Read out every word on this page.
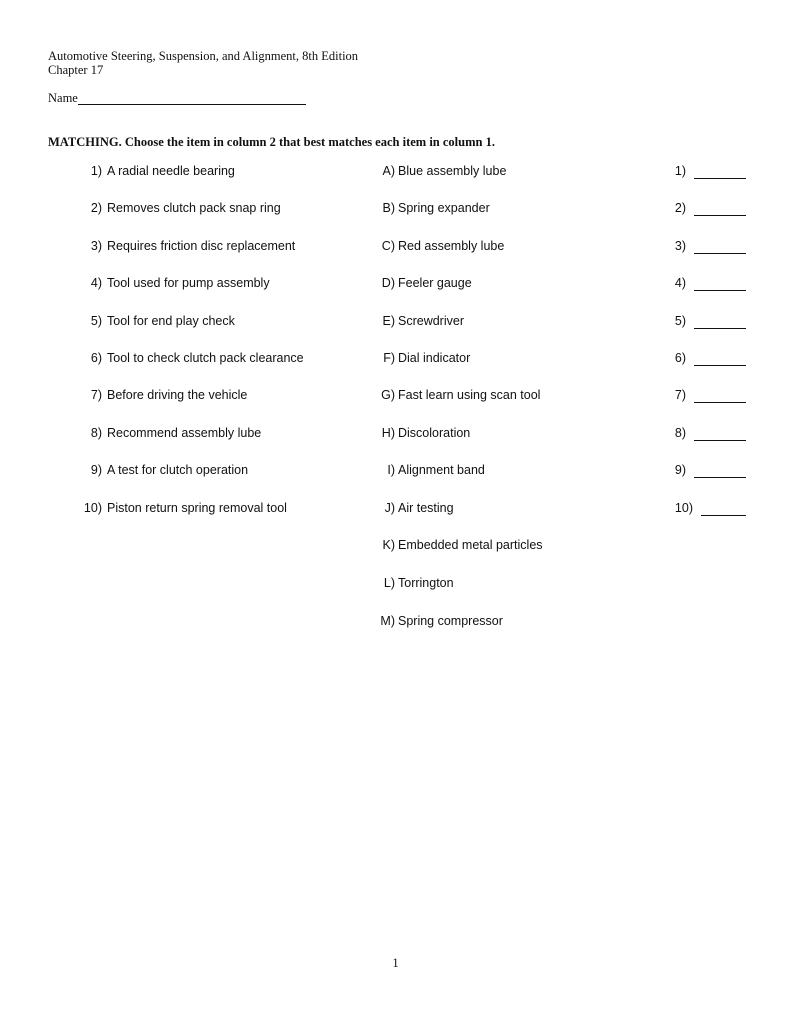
Automotive Steering, Suspension, and Alignment, 8th Edition
Chapter 17
Name
MATCHING. Choose the item in column 2 that best matches each item in column 1.
1) A radial needle bearing
2) Removes clutch pack snap ring
3) Requires friction disc replacement
4) Tool used for pump assembly
5) Tool for end play check
6) Tool to check clutch pack clearance
7) Before driving the vehicle
8) Recommend assembly lube
9) A test for clutch operation
10) Piston return spring removal tool
A) Blue assembly lube
B) Spring expander
C) Red assembly lube
D) Feeler gauge
E) Screwdriver
F) Dial indicator
G) Fast learn using scan tool
H) Discoloration
I) Alignment band
J) Air testing
K) Embedded metal particles
L) Torrington
M) Spring compressor
1)
2)
3)
4)
5)
6)
7)
8)
9)
10)
1
